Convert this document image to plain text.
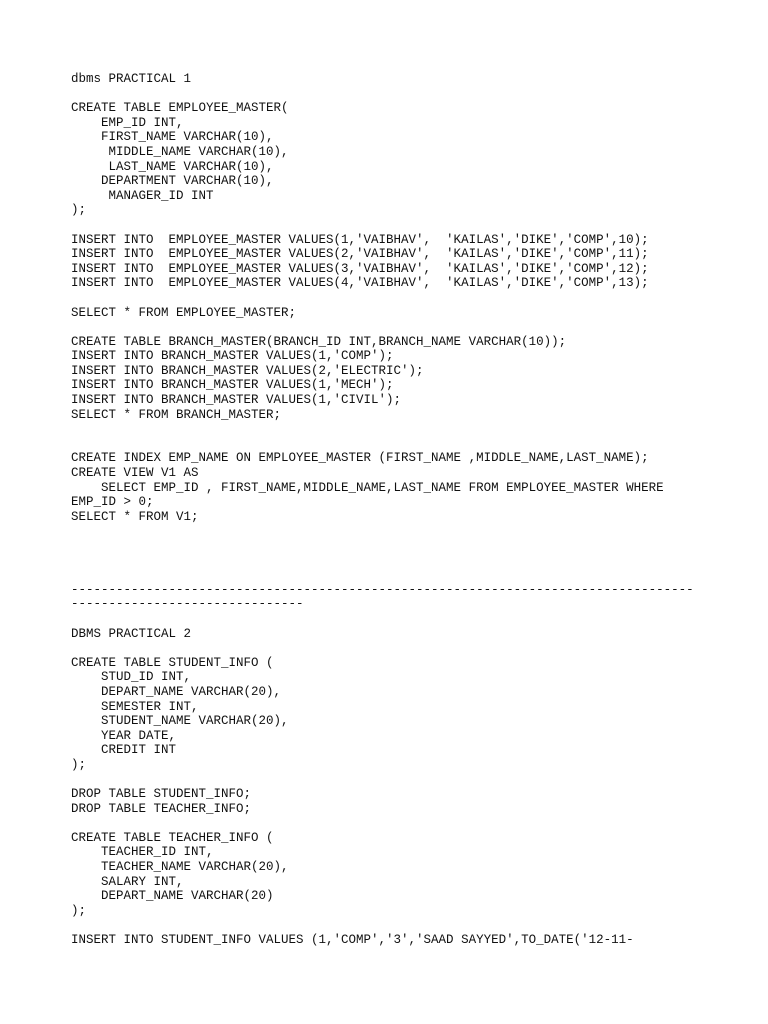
dbms PRACTICAL 1
CREATE TABLE EMPLOYEE_MASTER(
EMP_ID INT,
FIRST_NAME VARCHAR(10),
MIDDLE_NAME VARCHAR(10),
LAST_NAME VARCHAR(10),
DEPARTMENT VARCHAR(10),
MANAGER_ID INT
);
INSERT INTO  EMPLOYEE_MASTER VALUES(1,'VAIBHAV',  'KAILAS','DIKE','COMP',10);
INSERT INTO  EMPLOYEE_MASTER VALUES(2,'VAIBHAV',  'KAILAS','DIKE','COMP',11);
INSERT INTO  EMPLOYEE_MASTER VALUES(3,'VAIBHAV',  'KAILAS','DIKE','COMP',12);
INSERT INTO  EMPLOYEE_MASTER VALUES(4,'VAIBHAV',  'KAILAS','DIKE','COMP',13);
SELECT * FROM EMPLOYEE_MASTER;
CREATE TABLE BRANCH_MASTER(BRANCH_ID INT,BRANCH_NAME VARCHAR(10));
INSERT INTO BRANCH_MASTER VALUES(1,'COMP');
INSERT INTO BRANCH_MASTER VALUES(2,'ELECTRIC');
INSERT INTO BRANCH_MASTER VALUES(1,'MECH');
INSERT INTO BRANCH_MASTER VALUES(1,'CIVIL');
SELECT * FROM BRANCH_MASTER;
CREATE INDEX EMP_NAME ON EMPLOYEE_MASTER (FIRST_NAME ,MIDDLE_NAME,LAST_NAME);
CREATE VIEW V1 AS
SELECT EMP_ID , FIRST_NAME,MIDDLE_NAME,LAST_NAME FROM EMPLOYEE_MASTER WHERE
EMP_ID > 0;
SELECT * FROM V1;
-----------------------------------------------------------------------------------
-------------------------------
DBMS PRACTICAL 2
CREATE TABLE STUDENT_INFO (
STUD_ID INT,
DEPART_NAME VARCHAR(20),
SEMESTER INT,
STUDENT_NAME VARCHAR(20),
YEAR DATE,
CREDIT INT
);
DROP TABLE STUDENT_INFO;
DROP TABLE TEACHER_INFO;
CREATE TABLE TEACHER_INFO (
TEACHER_ID INT,
TEACHER_NAME VARCHAR(20),
SALARY INT,
DEPART_NAME VARCHAR(20)
);
INSERT INTO STUDENT_INFO VALUES (1,'COMP','3','SAAD SAYYED',TO_DATE('12-11-
